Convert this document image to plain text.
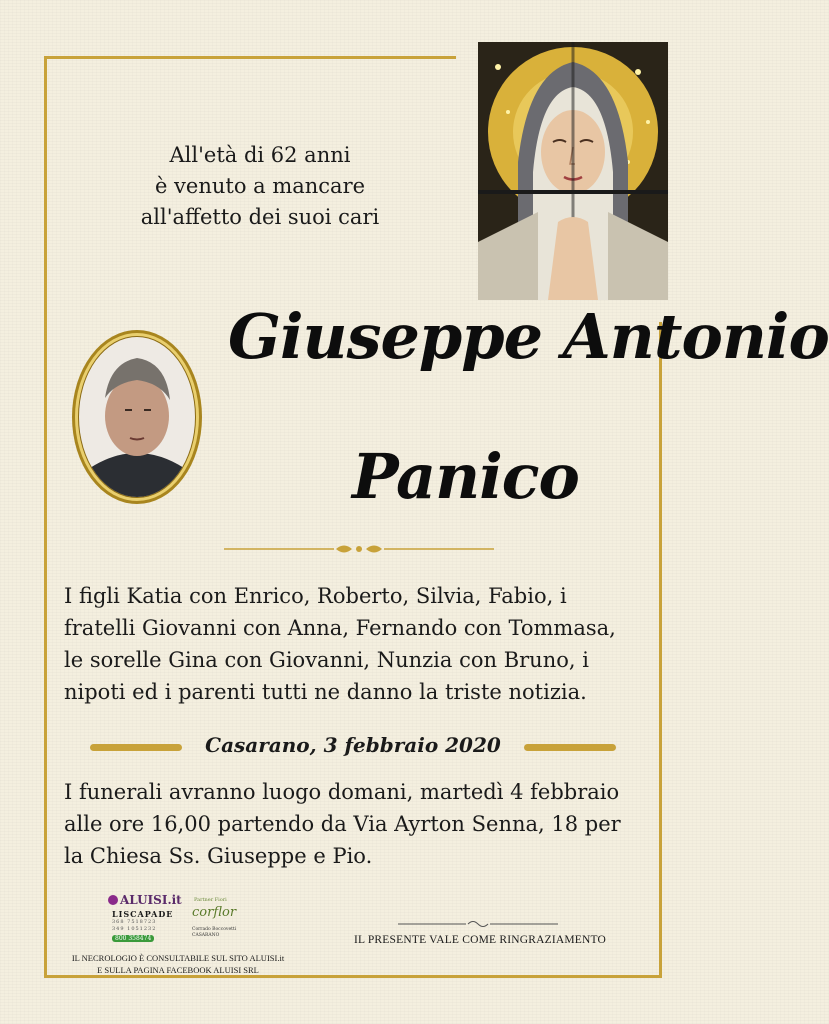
All'età di 62 anni
è venuto a mancare
all'affetto dei suoi cari
Giuseppe Antonio
Panico
I figli Katia con Enrico, Roberto, Silvia, Fabio, i
fratelli Giovanni con Anna, Fernando con Tommasa,
le sorelle Gina con Giovanni, Nunzia con Bruno, i
nipoti ed i parenti tutti ne danno la triste notizia.
Casarano, 3 febbraio 2020
I funerali avranno luogo domani, martedì 4 febbraio
alle ore 16,00 partendo da Via Ayrton Senna, 18 per
la Chiesa Ss. Giuseppe e Pio.
ALUISI.it
LISCAPADE
368 7518723
349 1051232
800 358474
Partner Fiori
corflor
Corrado Boccovetti
CASARANO
IL NECROLOGIO È CONSULTABILE SUL SITO ALUISI.it
E SULLA PAGINA FACEBOOK ALUISI SRL
IL PRESENTE VALE COME RINGRAZIAMENTO
